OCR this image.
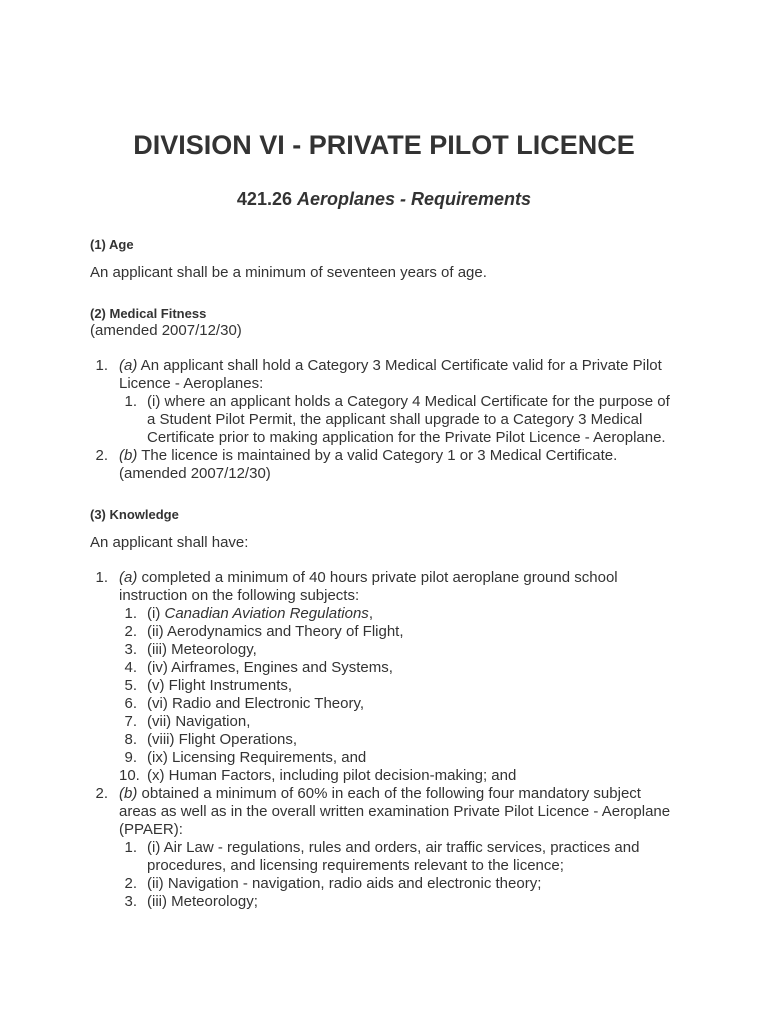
DIVISION VI - PRIVATE PILOT LICENCE
421.26 Aeroplanes - Requirements

(1) Age

An applicant shall be a minimum of seventeen years of age.

(2) Medical Fitness

(amended 2007/12/30)

1. (a) An applicant shall hold a Category 3 Medical Certificate valid for a Private Pilot Licence - Aeroplanes:
1. (i) where an applicant holds a Category 4 Medical Certificate for the purpose of a Student Pilot Permit, the applicant shall upgrade to a Category 3 Medical Certificate prior to making application for the Private Pilot Licence - Aeroplane.
2. (b) The licence is maintained by a valid Category 1 or 3 Medical Certificate.
(amended 2007/12/30)

(3) Knowledge

An applicant shall have:

1. (a) completed a minimum of 40 hours private pilot aeroplane ground school instruction on the following subjects:
1. (i) Canadian Aviation Regulations,
2. (ii) Aerodynamics and Theory of Flight,
3. (iii) Meteorology,
4. (iv) Airframes, Engines and Systems,
5. (v) Flight Instruments,
6. (vi) Radio and Electronic Theory,
7. (vii) Navigation,
8. (viii) Flight Operations,
9. (ix) Licensing Requirements, and
10. (x) Human Factors, including pilot decision-making; and
2. (b) obtained a minimum of 60% in each of the following four mandatory subject areas as well as in the overall written examination Private Pilot Licence - Aeroplane (PPAER):
1. (i) Air Law - regulations, rules and orders, air traffic services, practices and procedures, and licensing requirements relevant to the licence;
2. (ii) Navigation - navigation, radio aids and electronic theory;
3. (iii) Meteorology;
